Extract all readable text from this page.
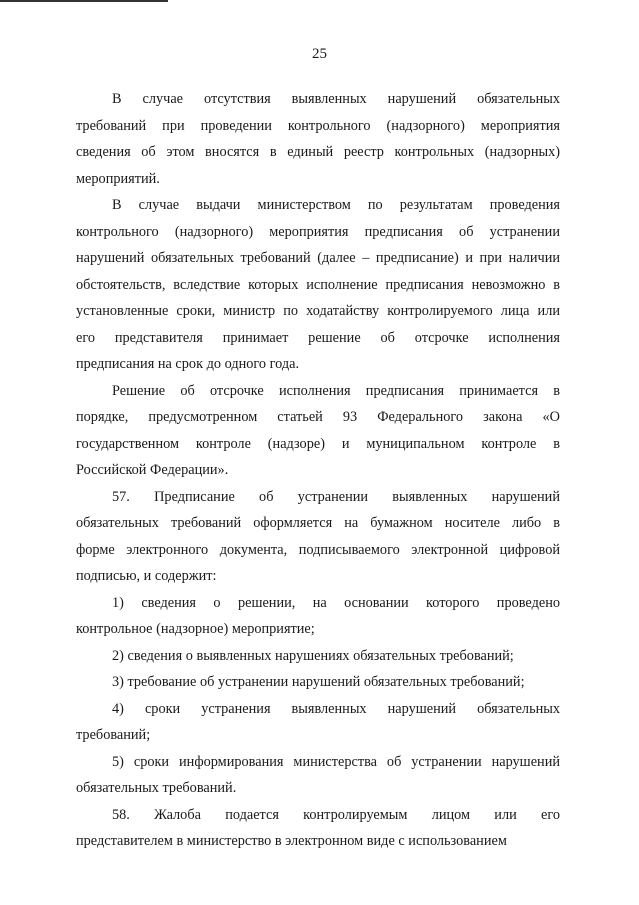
25
В случае отсутствия выявленных нарушений обязательных
требований при проведении контрольного (надзорного) мероприятия
сведения об этом вносятся в единый реестр контрольных (надзорных)
мероприятий.
В случае выдачи министерством по результатам проведения
контрольного (надзорного) мероприятия предписания об устранении
нарушений обязательных требований (далее – предписание) и при наличии
обстоятельств, вследствие которых исполнение предписания невозможно в
установленные сроки, министр по ходатайству контролируемого лица или
его представителя принимает решение об отсрочке исполнения
предписания на срок до одного года.
Решение об отсрочке исполнения предписания принимается в
порядке, предусмотренном статьей 93 Федерального закона «О
государственном контроле (надзоре) и муниципальном контроле в
Российской Федерации».
57. Предписание об устранении выявленных нарушений
обязательных требований оформляется на бумажном носителе либо в
форме электронного документа, подписываемого электронной цифровой
подписью, и содержит:
1) сведения о решении, на основании которого проведено
контрольное (надзорное) мероприятие;
2) сведения о выявленных нарушениях обязательных требований;
3) требование об устранении нарушений обязательных требований;
4) сроки устранения выявленных нарушений обязательных
требований;
5) сроки информирования министерства об устранении нарушений
обязательных требований.
58. Жалоба подается контролируемым лицом или его
представителем в министерство в электронном виде с использованием
